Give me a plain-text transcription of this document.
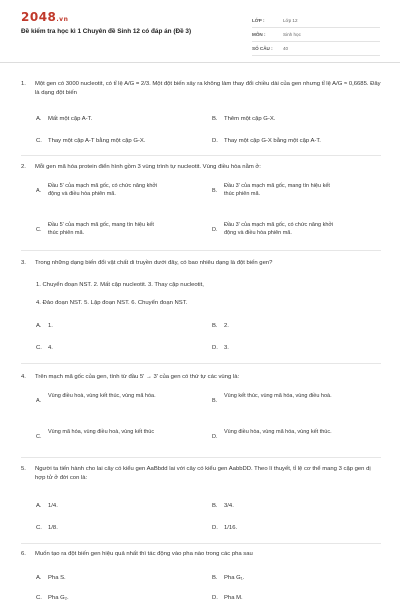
2048.vn
Đề kiểm tra học kì 1 Chuyên đề Sinh 12 có đáp án (Đề 3)
LỚP :	Lớp 12
MÔN :	Sinh học
SỐ CÂU :	40
1. Một gen có 3000 nucleotit, có tỉ lệ A/G = 2/3. Một đột biến xảy ra không làm thay đổi chiều dài của gen nhưng tỉ lệ A/G ≈ 0,6685. Đây là dạng đột biến
A. Mất một cặp A-T.	B. Thêm một cặp G-X.
C. Thay một cặp A-T bằng một cặp G-X.	D. Thay một cặp G-X bằng một cặp A-T.
2. Mỗi gen mã hóa protein điển hình gồm 3 vùng trình tự nucleotit. Vùng điều hòa nằm ở:
A.
Đầu 5' của mạch mã gốc, có chức năng khởi động và điều hòa phiên mã.	B.
Đầu 3' của mạch mã gốc, mang tín hiệu kết thúc phiên mã.
C.
Đầu 5' của mạch mã gốc, mang tín hiệu kết thúc phiên mã.	D.
Đầu 3' của mạch mã gốc, có chức năng khởi động và điều hòa phiên mã.
3. Trong những dạng biến đổi vật chất di truyền dưới đây, có bao nhiêu dạng là đột biến gen?
1. Chuyển đoạn NST. 2. Mất cặp nucleotit. 3. Thay cặp nucleotit,
4. Đảo đoạn NST. 5. Lặp đoạn NST. 6. Chuyển đoạn NST.
A. 1.	B. 2.
C. 4.	D. 3.
4. Trên mạch mã gốc của gen, tính từ đầu 5' → 3' của gen có thứ tự các vùng là:
A.
Vùng điều hoà, vùng kết thúc, vùng mã hóa.
B.
Vùng kết thúc, vùng mã hóa, vùng điều hoà.
C.
Vùng mã hóa, vùng điều hoà, vùng kết thúc
D.
Vùng điều hòa, vùng mã hóa, vùng kết thúc.
5. Người ta tiến hành cho lai cây có kiểu gen AaBbdd lai với cây có kiểu gen AabbDD. Theo lí thuyết, tỉ lệ cơ thể mang 3 cặp gen dị hợp tử ở đời con là:
A. 1/4.	B. 3/4.
C. 1/8.	D. 1/16.
6. Muốn tạo ra đột biến gen hiệu quả nhất thì tác động vào pha nào trong các pha sau
A. Pha S.	B. Pha G₁.
C. Pha G₂.	D. Pha M.
